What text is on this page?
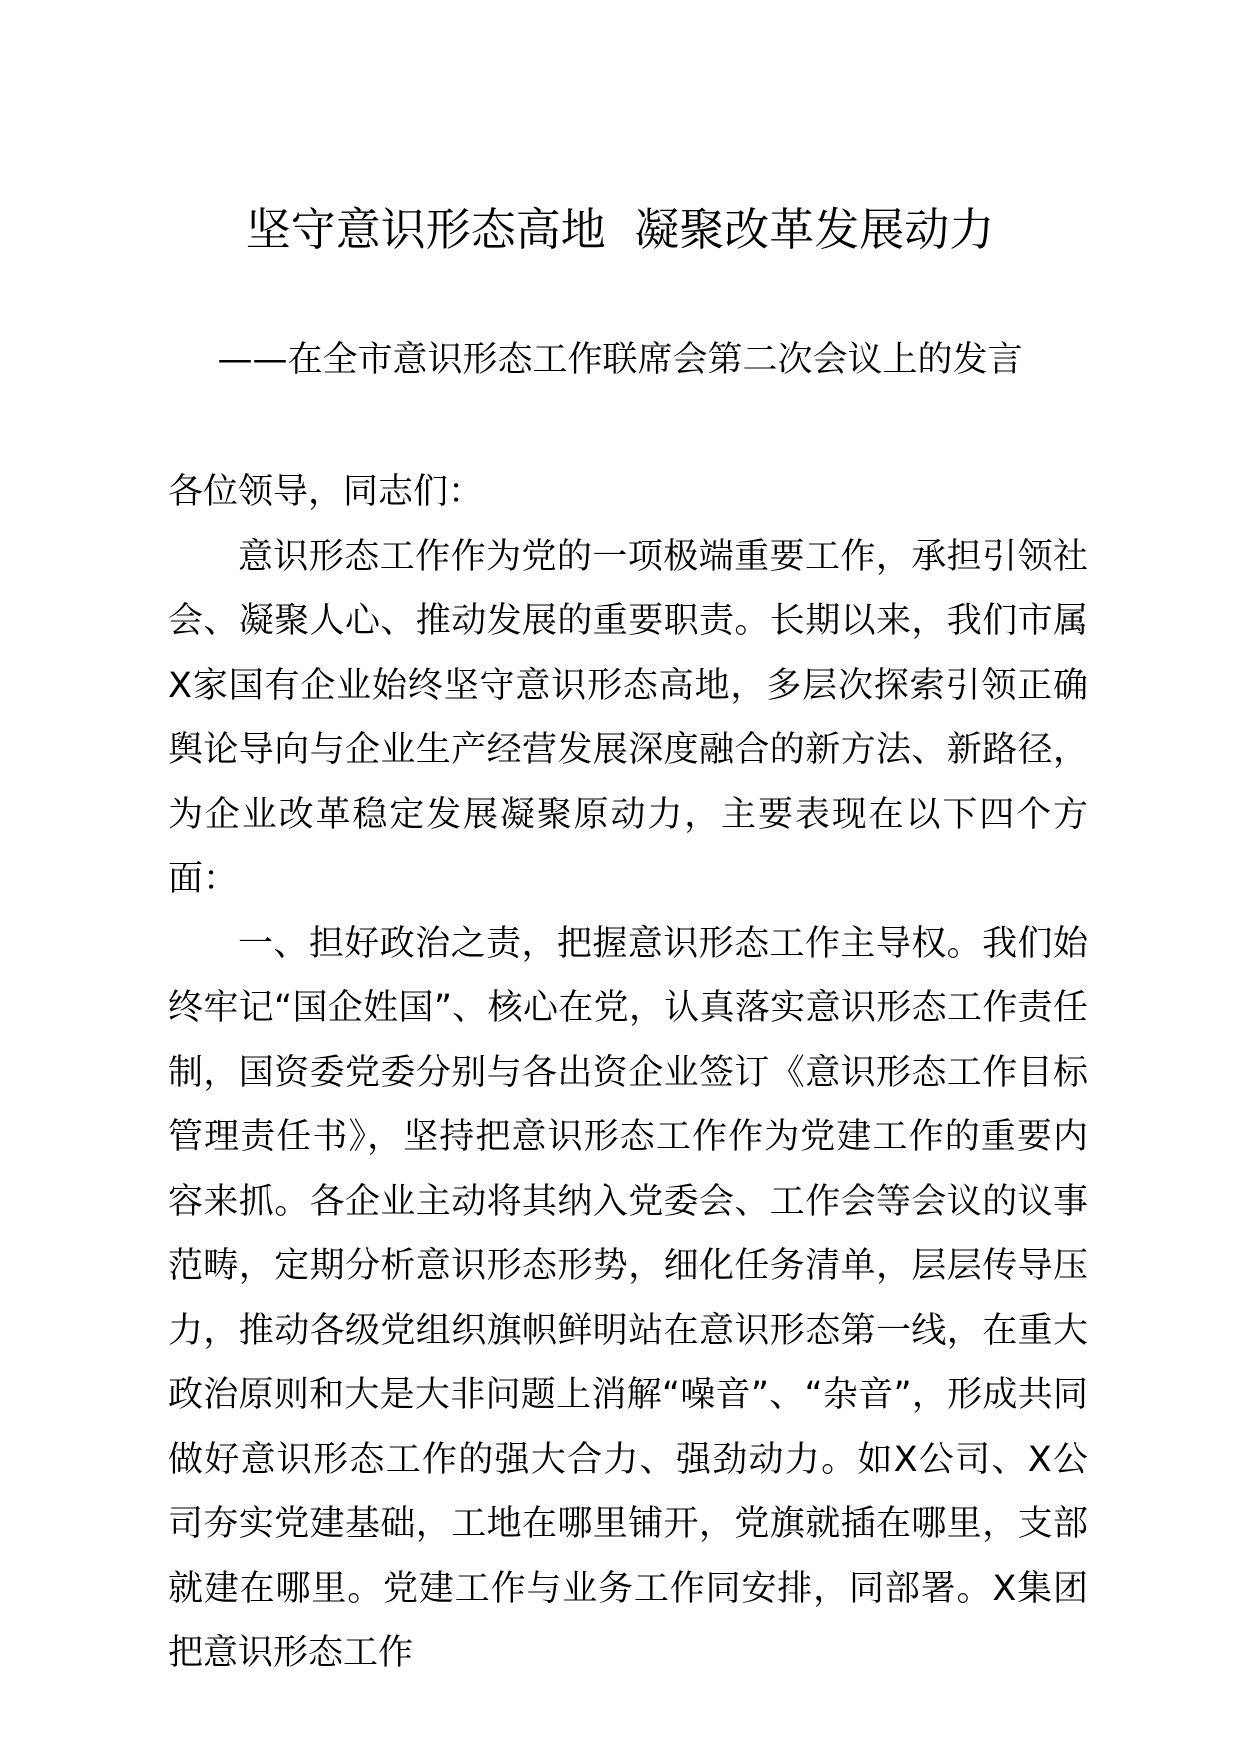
坚守意识形态高地  凝聚改革发展动力
——在全市意识形态工作联席会第二次会议上的发言

各位领导，同志们：

意识形态工作作为党的一项极端重要工作，承担引领社会、凝聚人心、推动发展的重要职责。长期以来，我们市属X家国有企业始终坚守意识形态高地，多层次探索引领正确舆论导向与企业生产经营发展深度融合的新方法、新路径，为企业改革稳定发展凝聚原动力，主要表现在以下四个方面：

一、担好政治之责，把握意识形态工作主导权。我们始终牢记“国企姓国”、核心在党，认真落实意识形态工作责任制，国资委党委分别与各出资企业签订《意识形态工作目标管理责任书》，坚持把意识形态工作作为党建工作的重要内容来抓。各企业主动将其纳入党委会、工作会等会议的议事范畴，定期分析意识形态形势，细化任务清单，层层传导压力，推动各级党组织旗帜鲜明站在意识形态第一线，在重大政治原则和大是大非问题上消解“噪音”、“杂音”，形成共同做好意识形态工作的强大合力、强劲动力。如X公司、X公司夯实党建基础，工地在哪里铺开，党旗就插在哪里，支部就建在哪里。党建工作与业务工作同安排，同部署。X集团把意识形态工作
